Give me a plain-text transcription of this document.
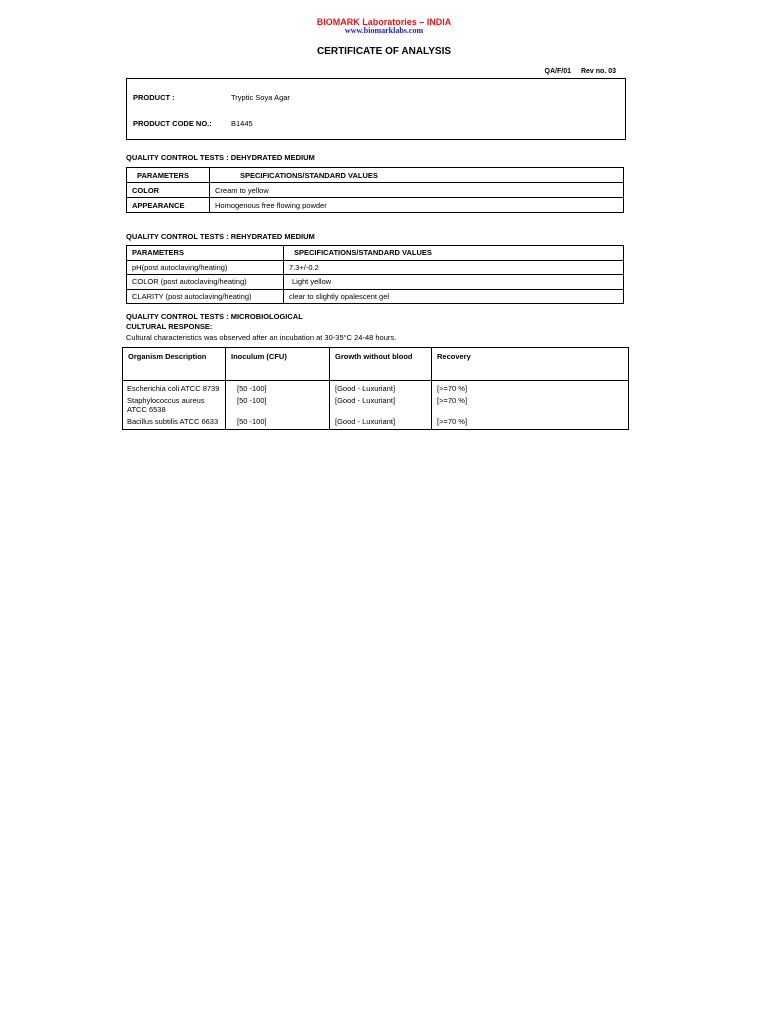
BIOMARK Laboratories – INDIA
www.biomarklabs.com
CERTIFICATE OF ANALYSIS
QA/F/01 Rev no. 03
PRODUCT :	Tryptic Soya Agar
PRODUCT CODE NO.:	B1445
QUALITY CONTROL TESTS : DEHYDRATED MEDIUM
PARAMETERS	SPECIFICATIONS/STANDARD VALUES
COLOR	Cream to yellow
APPEARANCE	Homogenous free flowing powder
QUALITY CONTROL TESTS : REHYDRATED MEDIUM
PARAMETERS	SPECIFICATIONS/STANDARD VALUES
pH(post autoclaving/heating)	7.3+/-0.2
COLOR (post autoclaving/heating)	Light yellow
CLARITY (post autoclaving/heating)	clear to slightly opalescent gel
QUALITY CONTROL TESTS : MICROBIOLOGICAL
CULTURAL RESPONSE:
Cultural characteristics was observed after an incubation at 30-35°C 24-48 hours.
Organism Description	Inoculum (CFU)	Growth without blood	Recovery
Escherichia coli ATCC 8739	[50 -100]	[Good - Luxuriant]	[>=70 %]
Staphylococcus aureus ATCC 6538	[50 -100]	[Good - Luxuriant]	[>=70 %]
Bacillus subtilis ATCC 6633	[50 -100]	[Good - Luxuriant]	[>=70 %]
